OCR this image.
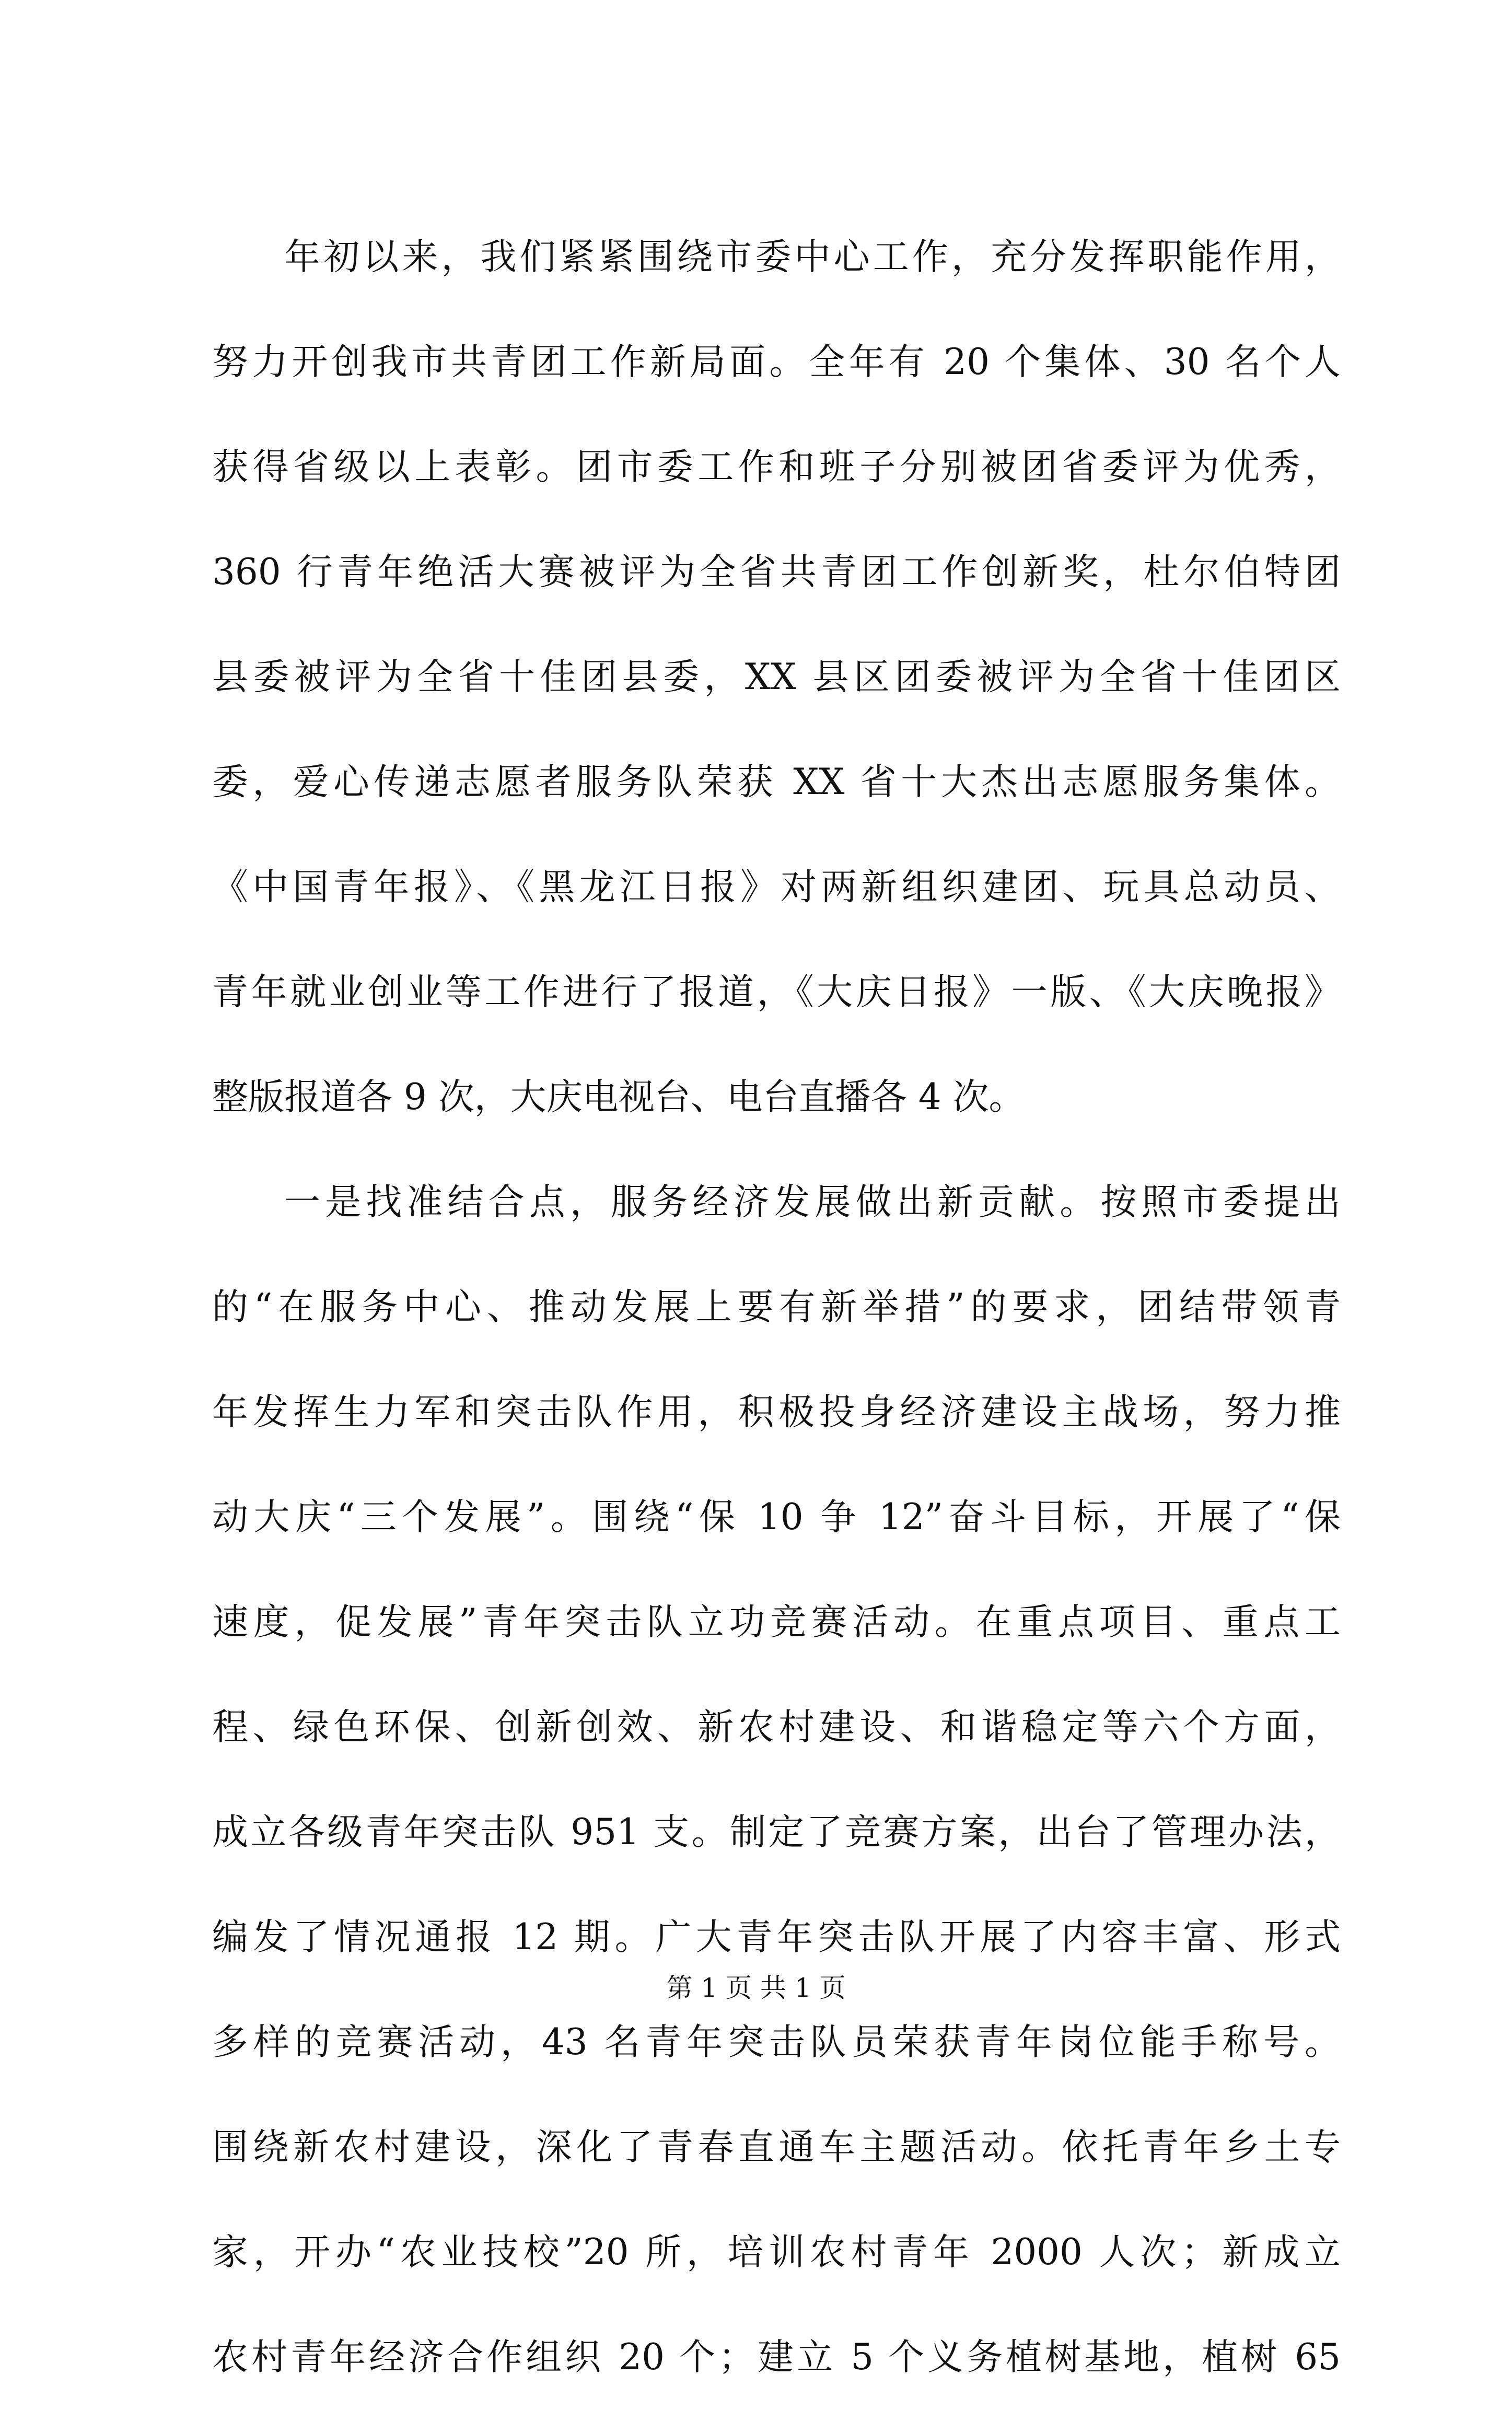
年初以来，我们紧紧围绕市委中心工作，充分发挥职能作用，
努力开创我市共青团工作新局面。全年有 20 个集体、30 名个人
获得省级以上表彰。团市委工作和班子分别被团省委评为优秀，
360 行青年绝活大赛被评为全省共青团工作创新奖，杜尔伯特团
县委被评为全省十佳团县委，XX 县区团委被评为全省十佳团区
委，爱心传递志愿者服务队荣获 XX 省十大杰出志愿服务集体。
《中国青年报》、《黑龙江日报》对两新组织建团、玩具总动员、
青年就业创业等工作进行了报道，《大庆日报》一版、《大庆晚报》
整版报道各 9 次，大庆电视台、电台直播各 4 次。
一是找准结合点，服务经济发展做出新贡献。按照市委提出
的“在服务中心、推动发展上要有新举措”的要求，团结带领青
年发挥生力军和突击队作用，积极投身经济建设主战场，努力推
动大庆“三个发展”。围绕“保 10 争 12”奋斗目标，开展了“保
速度，促发展”青年突击队立功竞赛活动。在重点项目、重点工
程、绿色环保、创新创效、新农村建设、和谐稳定等六个方面，
成立各级青年突击队 951 支。制定了竞赛方案，出台了管理办法，
编发了情况通报 12 期。广大青年突击队开展了内容丰富、形式
多样的竞赛活动，43 名青年突击队员荣获青年岗位能手称号。
围绕新农村建设，深化了青春直通车主题活动。依托青年乡土专
家，开办“农业技校”20 所，培训农村青年 2000 人次；新成立
农村青年经济合作组织 20 个；建立 5 个义务植树基地，植树 65
第 1 页 共 1 页
